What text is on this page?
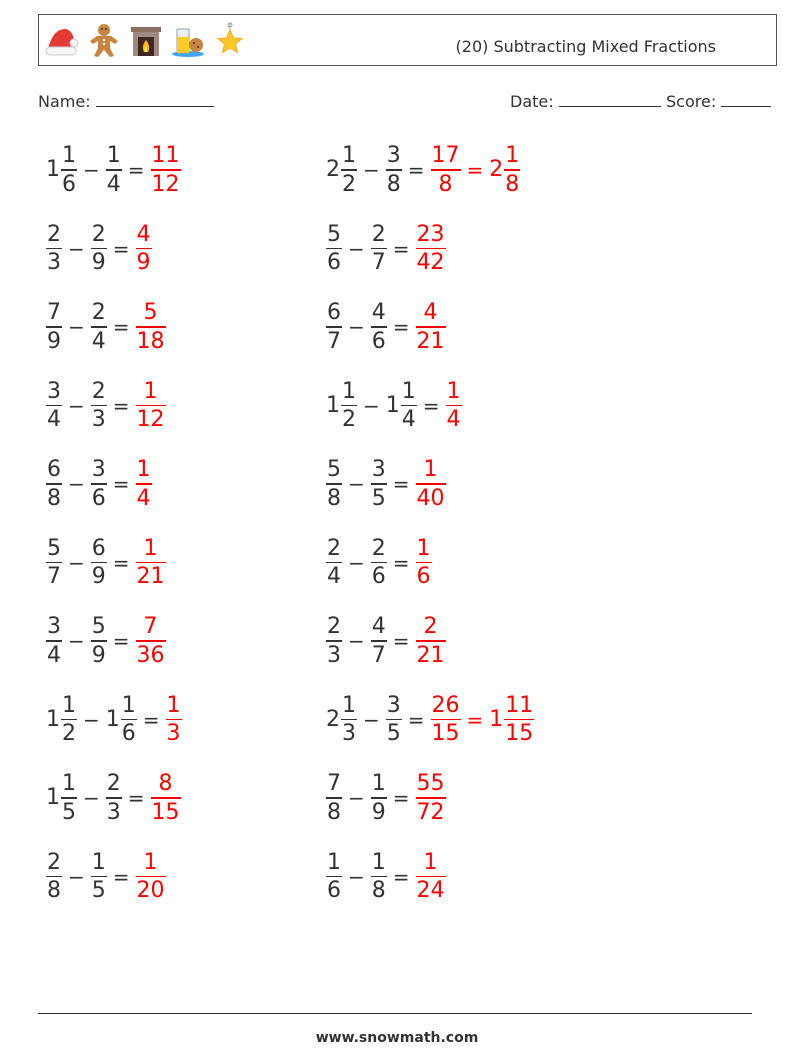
(20) Subtracting Mixed Fractions
Name:	Date:	Score:
$1 \frac{1}{6} - \frac{1}{4} = \frac{11}{12}$
$\frac{2}{3} - \frac{2}{9} = \frac{4}{9}$
$\frac{7}{9} - \frac{2}{4} = \frac{5}{18}$
$\frac{3}{4} - \frac{2}{3} = \frac{1}{12}$
$\frac{6}{8} - \frac{3}{6} = \frac{1}{4}$
$\frac{5}{7} - \frac{6}{9} = \frac{1}{21}$
$\frac{3}{4} - \frac{5}{9} = \frac{7}{36}$
$1 \frac{1}{2} - 1 \frac{1}{6} = \frac{1}{3}$
$1 \frac{1}{5} - \frac{2}{3} = \frac{8}{15}$
$\frac{2}{8} - \frac{1}{5} = \frac{1}{20}$
$2 \frac{1}{2} - \frac{3}{8} = \frac{17}{8} = 2 \frac{1}{8}$
$\frac{5}{6} - \frac{2}{7} = \frac{23}{42}$
$\frac{6}{7} - \frac{4}{6} = \frac{4}{21}$
$1 \frac{1}{2} - 1 \frac{1}{4} = \frac{1}{4}$
$\frac{5}{8} - \frac{3}{5} = \frac{1}{40}$
$\frac{2}{4} - \frac{2}{6} = \frac{1}{6}$
$\frac{2}{3} - \frac{4}{7} = \frac{2}{21}$
$2 \frac{1}{3} - \frac{3}{5} = \frac{26}{15} = 1 \frac{11}{15}$
$\frac{7}{8} - \frac{1}{9} = \frac{55}{72}$
$\frac{1}{6} - \frac{1}{8} = \frac{1}{24}$
www.snowmath.com
